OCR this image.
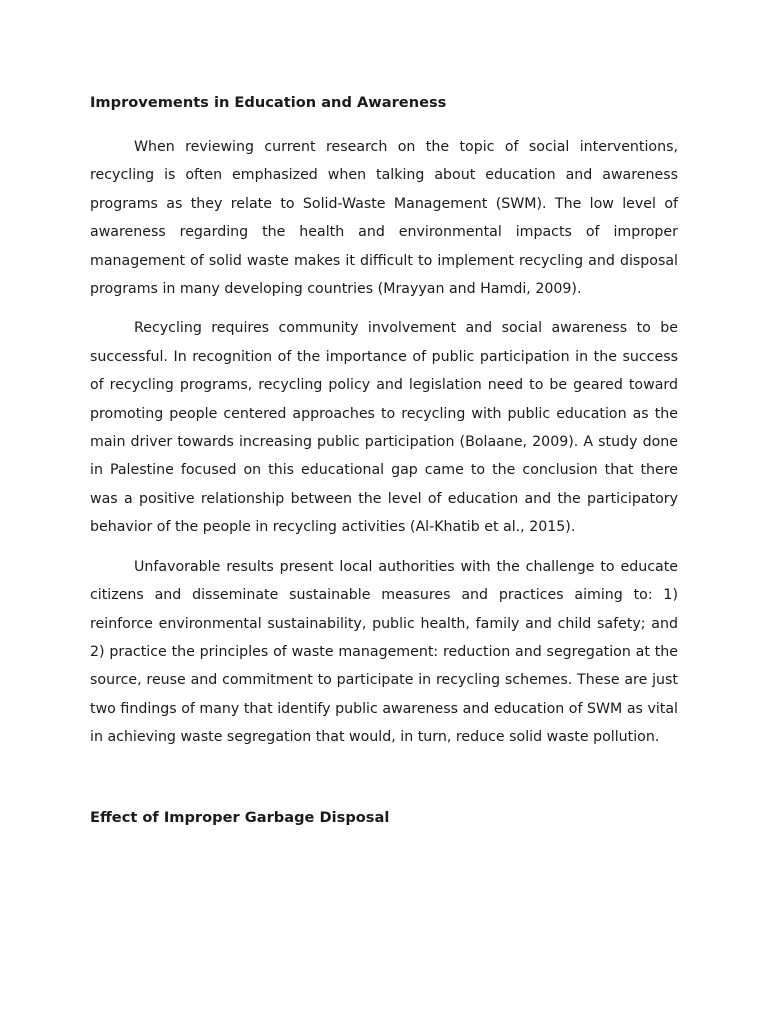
Improvements in Education and Awareness

When reviewing current research on the topic of social interventions, recycling is often emphasized when talking about education and awareness programs as they relate to Solid-Waste Management (SWM). The low level of awareness regarding the health and environmental impacts of improper management of solid waste makes it difficult to implement recycling and disposal programs in many developing countries (Mrayyan and Hamdi, 2009).

Recycling requires community involvement and social awareness to be successful. In recognition of the importance of public participation in the success of recycling programs, recycling policy and legislation need to be geared toward promoting people centered approaches to recycling with public education as the main driver towards increasing public participation (Bolaane, 2009). A study done in Palestine focused on this educational gap came to the conclusion that there was a positive relationship between the level of education and the participatory behavior of the people in recycling activities (Al-Khatib et al., 2015).

Unfavorable results present local authorities with the challenge to educate citizens and disseminate sustainable measures and practices aiming to: 1) reinforce environmental sustainability, public health, family and child safety; and 2) practice the principles of waste management: reduction and segregation at the source, reuse and commitment to participate in recycling schemes. These are just two findings of many that identify public awareness and education of SWM as vital in achieving waste segregation that would, in turn, reduce solid waste pollution.

Effect of Improper Garbage Disposal
